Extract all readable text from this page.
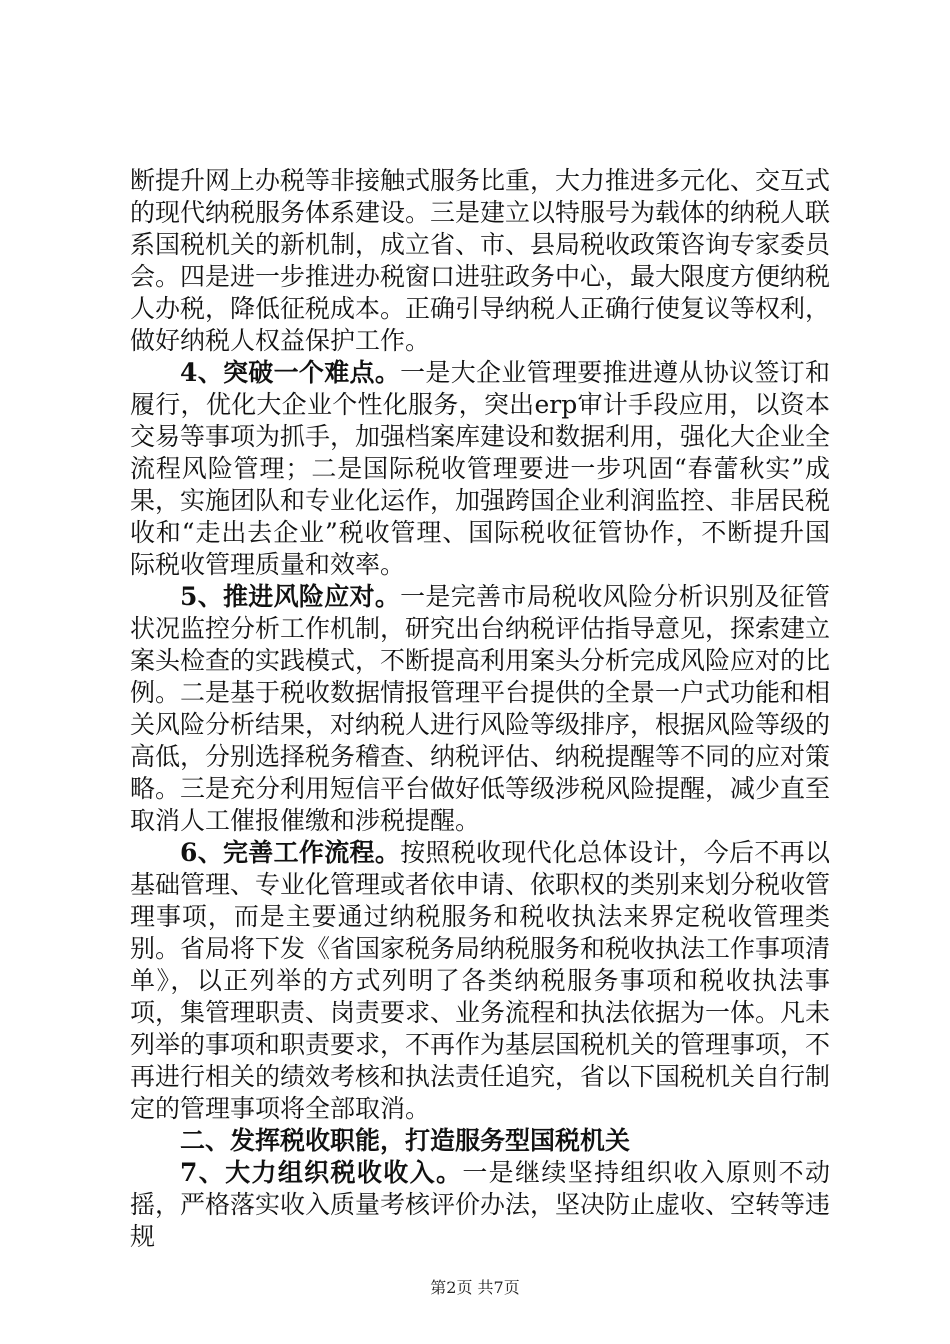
断提升网上办税等非接触式服务比重，大力推进多元化、交互式的现代纳税服务体系建设。三是建立以特服号为载体的纳税人联系国税机关的新机制，成立省、市、县局税收政策咨询专家委员会。四是进一步推进办税窗口进驻政务中心，最大限度方便纳税人办税，降低征税成本。正确引导纳税人正确行使复议等权利，做好纳税人权益保护工作。

4、突破一个难点。一是大企业管理要推进遵从协议签订和履行，优化大企业个性化服务，突出erp审计手段应用，以资本交易等事项为抓手，加强档案库建设和数据利用，强化大企业全流程风险管理；二是国际税收管理要进一步巩固“春蕾秋实”成果，实施团队和专业化运作，加强跨国企业利润监控、非居民税收和“走出去企业”税收管理、国际税收征管协作，不断提升国际税收管理质量和效率。

5、推进风险应对。一是完善市局税收风险分析识别及征管状况监控分析工作机制，研究出台纳税评估指导意见，探索建立案头检查的实践模式，不断提高利用案头分析完成风险应对的比例。二是基于税收数据情报管理平台提供的全景一户式功能和相关风险分析结果，对纳税人进行风险等级排序，根据风险等级的高低，分别选择税务稽查、纳税评估、纳税提醒等不同的应对策略。三是充分利用短信平台做好低等级涉税风险提醒，减少直至取消人工催报催缴和涉税提醒。

6、完善工作流程。按照税收现代化总体设计，今后不再以基础管理、专业化管理或者依申请、依职权的类别来划分税收管理事项，而是主要通过纳税服务和税收执法来界定税收管理类别。省局将下发《省国家税务局纳税服务和税收执法工作事项清单》，以正列举的方式列明了各类纳税服务事项和税收执法事项，集管理职责、岗责要求、业务流程和执法依据为一体。凡未列举的事项和职责要求，不再作为基层国税机关的管理事项，不再进行相关的绩效考核和执法责任追究，省以下国税机关自行制定的管理事项将全部取消。

二、发挥税收职能，打造服务型国税机关

7、大力组织税收收入。一是继续坚持组织收入原则不动摇，严格落实收入质量考核评价办法，坚决防止虚收、空转等违规

第2页 共7页
